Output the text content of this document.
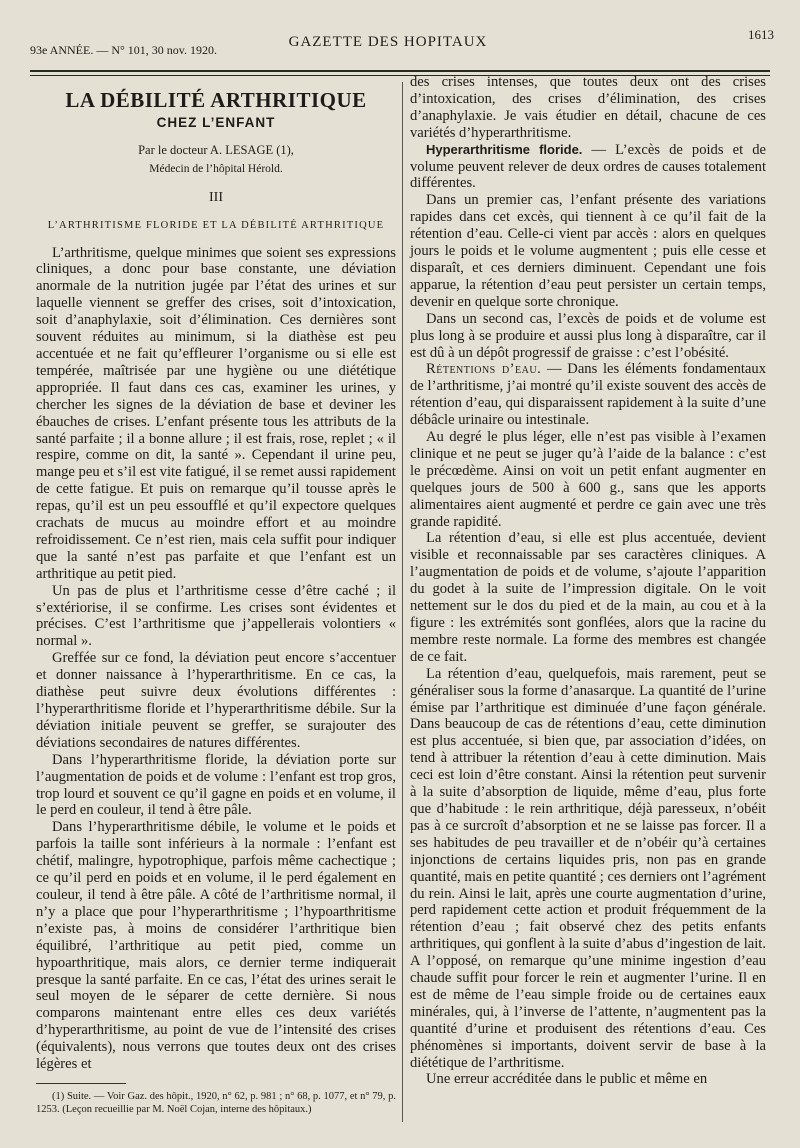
93e ANNÉE. — N° 101, 30 nov. 1920.	GAZETTE DES HOPITAUX	1613
LA DÉBILITÉ ARTHRITIQUE
CHEZ L’ENFANT
Par le docteur A. LESAGE (1),
Médecin de l’hôpital Hérold.
III
L’ARTHRITISME FLORIDE ET LA DÉBILITÉ ARTHRITIQUE

L’arthritisme, quelque minimes que soient ses expressions cliniques, a donc pour base constante, une déviation anormale de la nutrition jugée par l’état des urines et sur laquelle viennent se greffer des crises, soit d’intoxication, soit d’anaphylaxie, soit d’élimination. Ces dernières sont souvent réduites au minimum, si la diathèse est peu accentuée et ne fait qu’effleurer l’organisme ou si elle est tempérée, maîtrisée par une hygiène ou une diététique appropriée. Il faut dans ces cas, examiner les urines, y chercher les signes de la déviation de base et deviner les ébauches de crises. L’enfant présente tous les attributs de la santé parfaite ; il a bonne allure ; il est frais, rose, replet ; « il respire, comme on dit, la santé ». Cependant il urine peu, mange peu et s’il est vite fatigué, il se remet aussi rapidement de cette fatigue. Et puis on remarque qu’il tousse après le repas, qu’il est un peu essoufflé et qu’il expectore quelques crachats de mucus au moindre effort et au moindre refroidissement. Ce n’est rien, mais cela suffit pour indiquer que la santé n’est pas parfaite et que l’enfant est un arthritique au petit pied.

Un pas de plus et l’arthritisme cesse d’être caché ; il s’extériorise, il se confirme. Les crises sont évidentes et précises. C’est l’arthritisme que j’appellerais volontiers « normal ».

Greffée sur ce fond, la déviation peut encore s’accentuer et donner naissance à l’hyperarthritisme. En ce cas, la diathèse peut suivre deux évolutions différentes : l’hyperarthritisme floride et l’hyperarthritisme débile. Sur la déviation initiale peuvent se greffer, se surajouter des déviations secondaires de natures différentes.

Dans l’hyperarthritisme floride, la déviation porte sur l’augmentation de poids et de volume : l’enfant est trop gros, trop lourd et souvent ce qu’il gagne en poids et en volume, il le perd en couleur, il tend à être pâle.

Dans l’hyperarthritisme débile, le volume et le poids et parfois la taille sont inférieurs à la normale : l’enfant est chétif, malingre, hypotrophique, parfois même cachectique ; ce qu’il perd en poids et en volume, il le perd également en couleur, il tend à être pâle. A côté de l’arthritisme normal, il n’y a place que pour l’hyperarthritisme ; l’hypoarthritisme n’existe pas, à moins de considérer l’arthritique bien équilibré, l’arthritique au petit pied, comme un hypoarthritique, mais alors, ce dernier terme indiquerait presque la santé parfaite. En ce cas, l’état des urines serait le seul moyen de le séparer de cette dernière. Si nous comparons maintenant entre elles ces deux variétés d’hyperarthritisme, au point de vue de l’intensité des crises (équivalents), nous verrons que toutes deux ont des crises légères et

(1) Suite. — Voir Gaz. des hôpit., 1920, n° 62, p. 981 ; n° 68, p. 1077, et n° 79, p. 1253. (Leçon recueillie par M. Noël Cojan, interne des hôpitaux.)

des crises intenses, que toutes deux ont des crises d’intoxication, des crises d’élimination, des crises d’anaphylaxie. Je vais étudier en détail, chacune de ces variétés d’hyperarthritisme.

Hyperarthritisme floride. — L’excès de poids et de volume peuvent relever de deux ordres de causes totalement différentes.

Dans un premier cas, l’enfant présente des variations rapides dans cet excès, qui tiennent à ce qu’il fait de la rétention d’eau. Celle-ci vient par accès : alors en quelques jours le poids et le volume augmentent ; puis elle cesse et disparaît, et ces derniers diminuent. Cependant une fois apparue, la rétention d’eau peut persister un certain temps, devenir en quelque sorte chronique.

Dans un second cas, l’excès de poids et de volume est plus long à se produire et aussi plus long à disparaître, car il est dû à un dépôt progressif de graisse : c’est l’obésité.

Rétentions d’eau. — Dans les éléments fondamentaux de l’arthritisme, j’ai montré qu’il existe souvent des accès de rétention d’eau, qui disparaissent rapidement à la suite d’une débâcle urinaire ou intestinale.

Au degré le plus léger, elle n’est pas visible à l’examen clinique et ne peut se juger qu’à l’aide de la balance : c’est le précœdème. Ainsi on voit un petit enfant augmenter en quelques jours de 500 à 600 g., sans que les apports alimentaires aient augmenté et perdre ce gain avec une très grande rapidité.

La rétention d’eau, si elle est plus accentuée, devient visible et reconnaissable par ses caractères cliniques. A l’augmentation de poids et de volume, s’ajoute l’apparition du godet à la suite de l’impression digitale. On le voit nettement sur le dos du pied et de la main, au cou et à la figure : les extrémités sont gonflées, alors que la racine du membre reste normale. La forme des membres est changée de ce fait.

La rétention d’eau, quelquefois, mais rarement, peut se généraliser sous la forme d’anasarque. La quantité de l’urine émise par l’arthritique est diminuée d’une façon générale. Dans beaucoup de cas de rétentions d’eau, cette diminution est plus accentuée, si bien que, par association d’idées, on tend à attribuer la rétention d’eau à cette diminution. Mais ceci est loin d’être constant. Ainsi la rétention peut survenir à la suite d’absorption de liquide, même d’eau, plus forte que d’habitude : le rein arthritique, déjà paresseux, n’obéit pas à ce surcroît d’absorption et ne se laisse pas forcer. Il a ses habitudes de peu travailler et de n’obéir qu’à certaines injonctions de certains liquides pris, non pas en grande quantité, mais en petite quantité ; ces derniers ont l’agrément du rein. Ainsi le lait, après une courte augmentation d’urine, perd rapidement cette action et produit fréquemment de la rétention d’eau ; fait observé chez des petits enfants arthritiques, qui gonflent à la suite d’abus d’ingestion de lait. A l’opposé, on remarque qu’une minime ingestion d’eau chaude suffit pour forcer le rein et augmenter l’urine. Il en est de même de l’eau simple froide ou de certaines eaux minérales, qui, à l’inverse de l’attente, n’augmentent pas la quantité d’urine et produisent des rétentions d’eau. Ces phénomènes si importants, doivent servir de base à la diététique de l’arthritisme.

Une erreur accréditée dans le public et même en
